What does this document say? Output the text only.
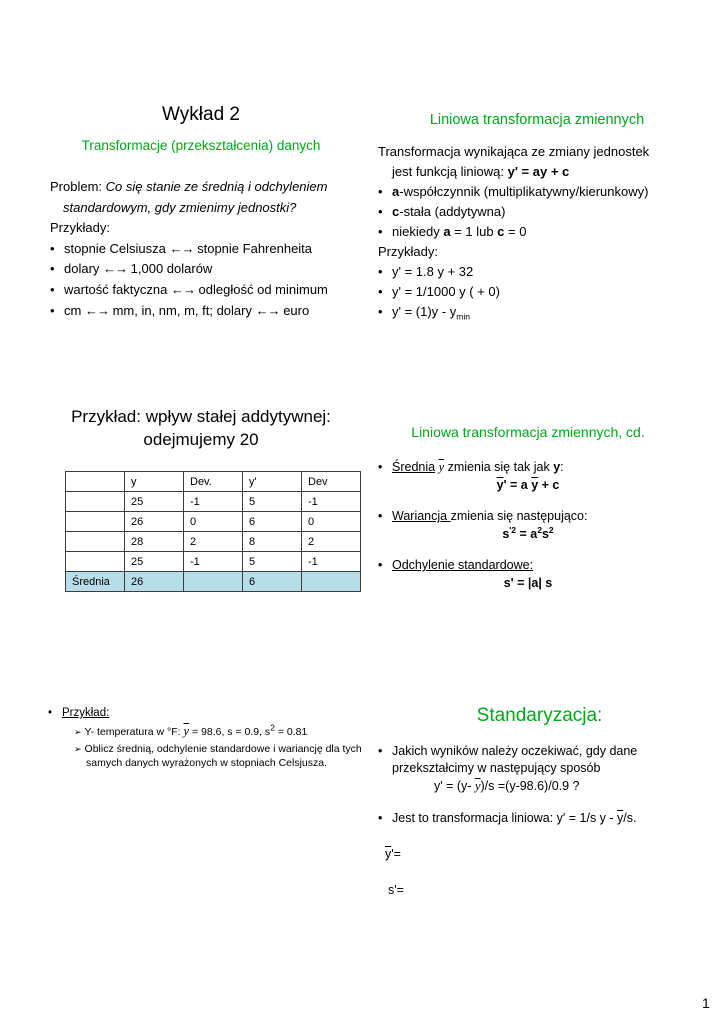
Wykład 2
Transformacje (przekształcenia) danych
Problem: Co się stanie ze średnią i odchyleniem
standardowym, gdy zmienimy jednostki?
Przykłady:
• stopnie Celsiusza ←→ stopnie Fahrenheita
• dolary ←→ 1,000 dolarów
• wartość faktyczna ←→ odległość od minimum
• cm ←→ mm, in, nm, m, ft; dolary ←→ euro
Liniowa transformacja zmiennych
Transformacja wynikająca ze zmiany jednostek
jest funkcją liniową: y' = ay + c
• a-współczynnik (multiplikatywny/kierunkowy)
• c-stała (addytywna)
• niekiedy a = 1 lub c = 0
Przykłady:
• y' = 1.8 y + 32
• y' = 1/1000 y ( + 0)
• $y' = (1)y - y_{min}$
Przykład: wpływ stałej addytywnej:
odejmujemy 20
	y	Dev.	y'	Dev
	25	-1	5	-1
	26	0	6	0
	28	2	8	2
	25	-1	5	-1
Średnia	26		6	
Liniowa transformacja zmiennych, cd.
• Średnia $\overline{y}$ zmienia się tak jak y:
$\overline{y}' = a$ $\overline{y} + c$
• Wariancja zmienia się następująco:
$s^{'2} = a^2s^2$
• Odchylenie standardowe:
s' = |a| s
• Przykład:
➢ Y- temperatura w °F: $\overline{y} = 98.6$, s = 0.9, $s^2 = 0.81$
➢ Oblicz średnią, odchylenie standardowe i wariancję dla tych samych danych wyrażonych w stopniach Celsjusza.
Standaryzacja:
• Jakich wyników należy oczekiwać, gdy dane
przekształcimy w następujący sposób
y' = (y- $\overline{y})/s =(y-98.6)/0.9$ ?
• Jest to transformacja liniowa: y' = 1/s y - $\overline{y}/s$.
$\overline{y}'=$
s'=
1
